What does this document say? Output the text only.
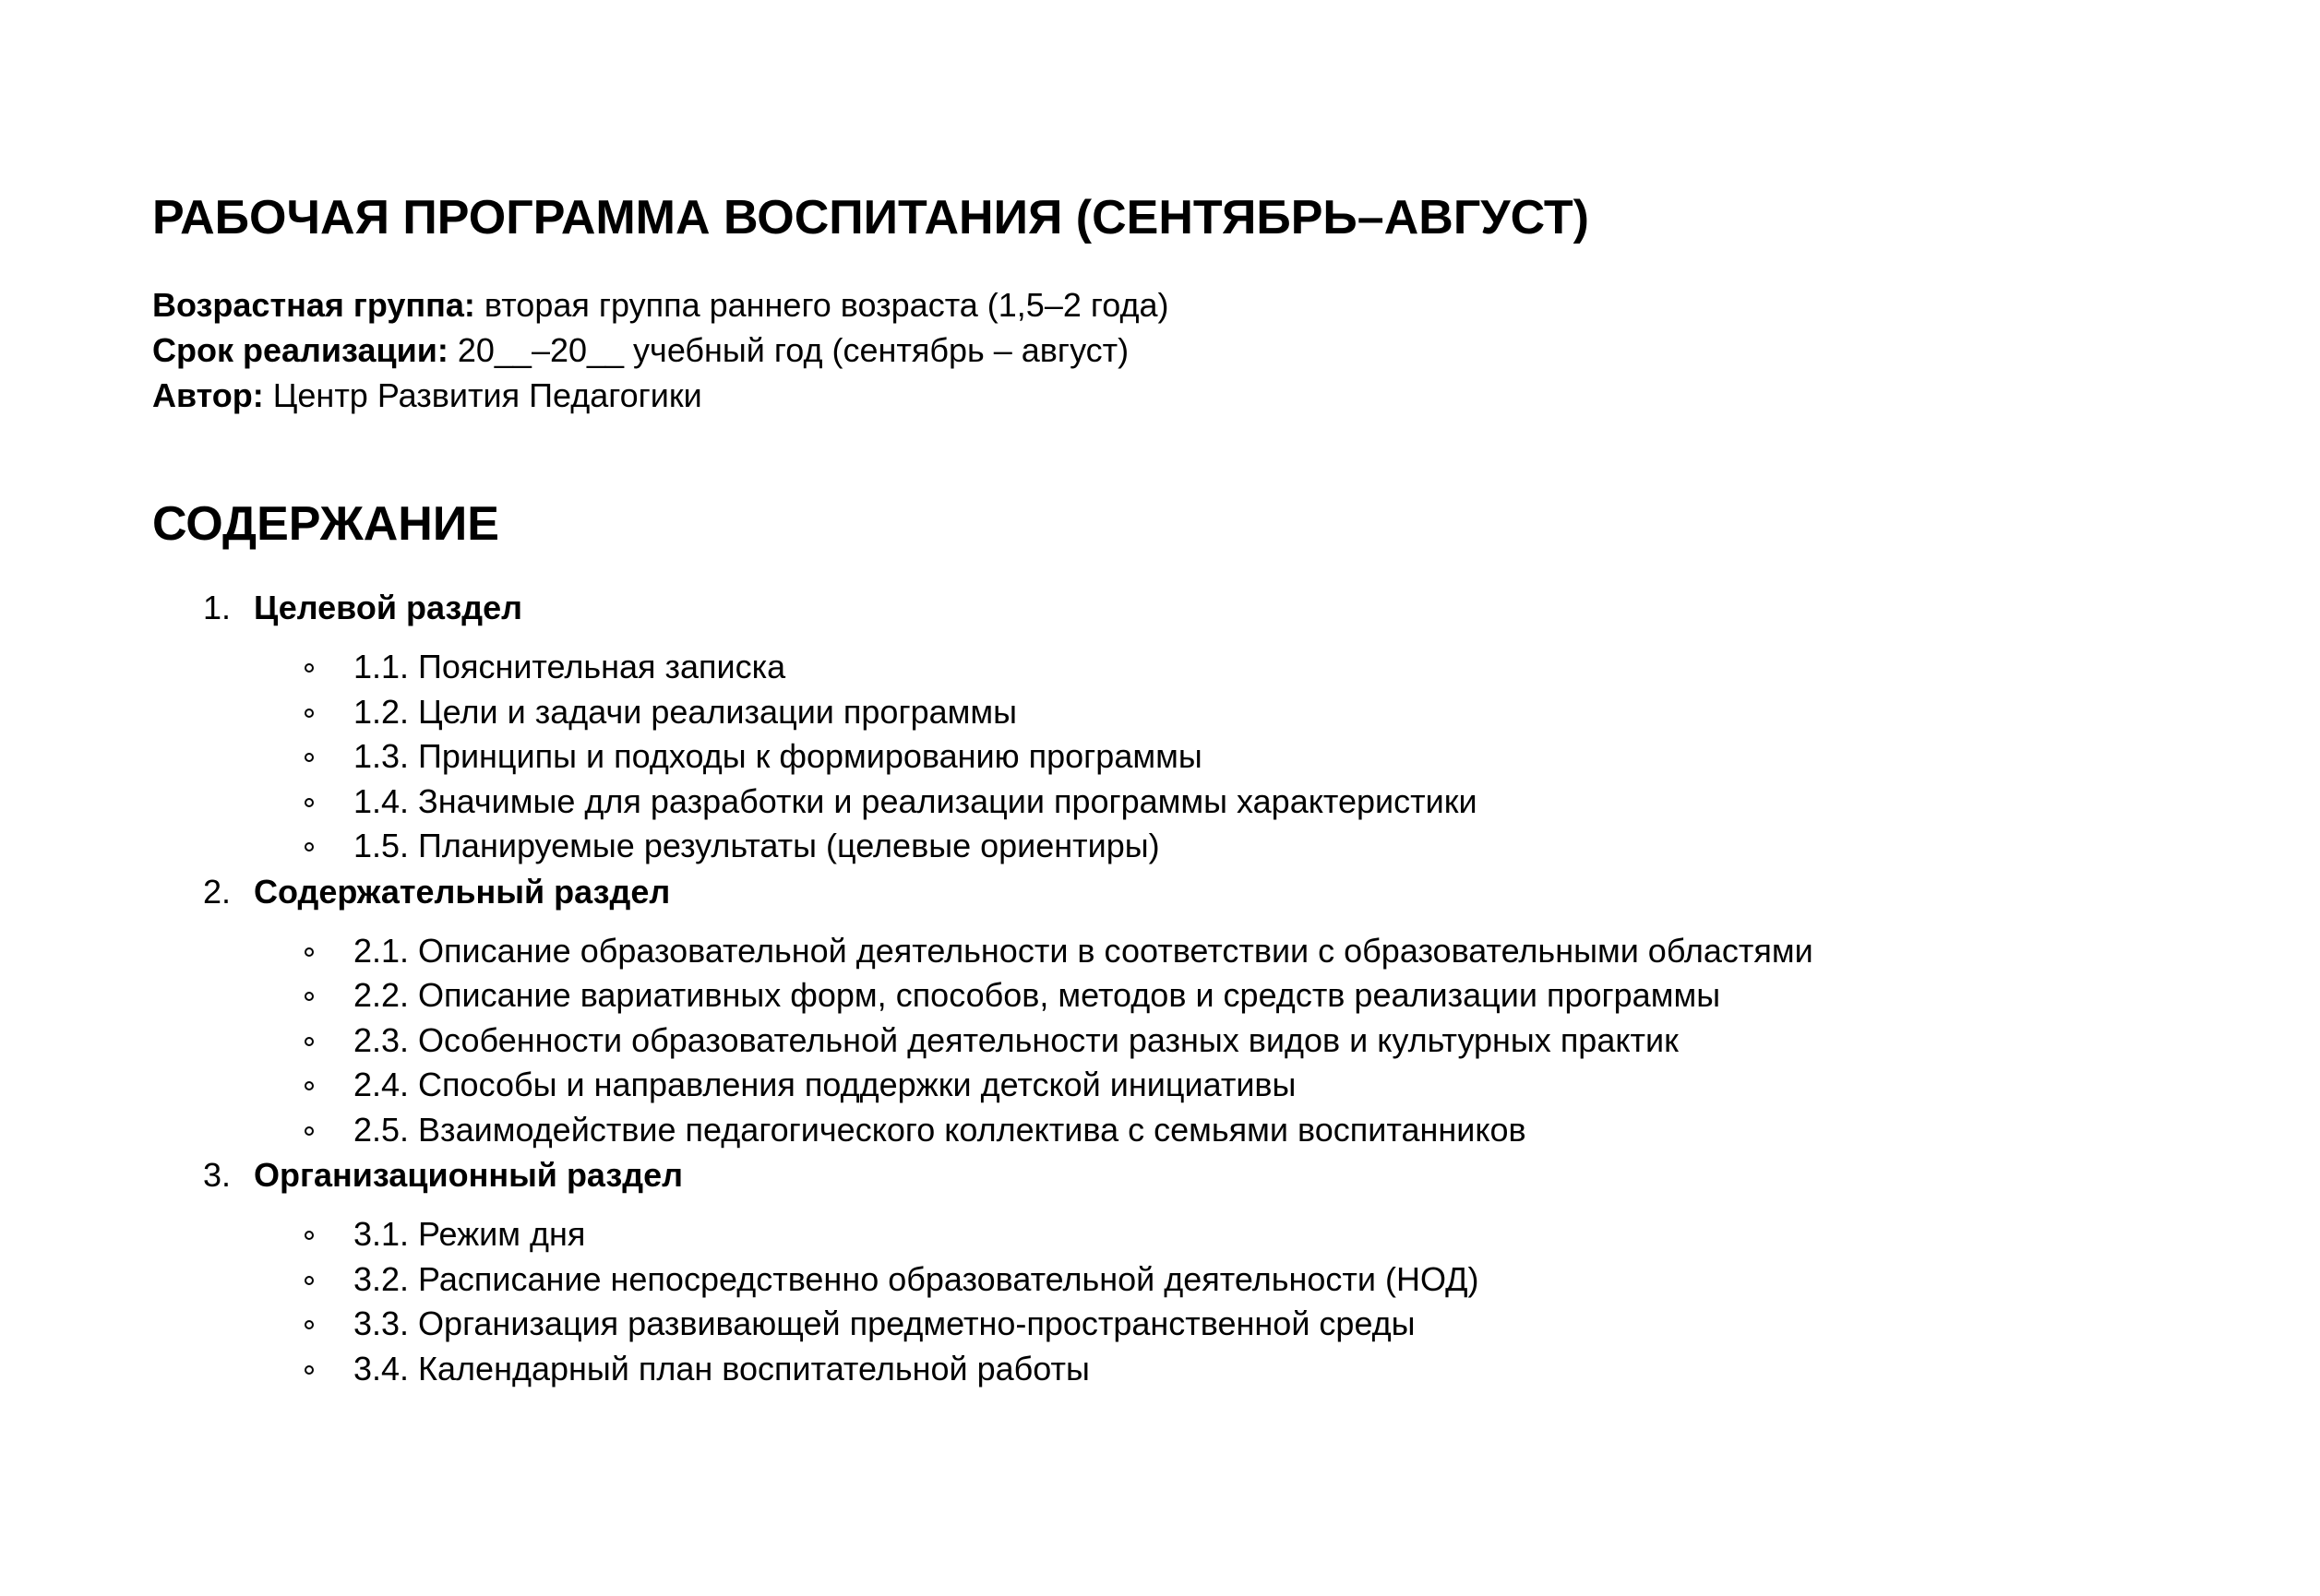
РАБОЧАЯ ПРОГРАММА ВОСПИТАНИЯ (СЕНТЯБРЬ–АВГУСТ)
Возрастная группа: вторая группа раннего возраста (1,5–2 года)
Срок реализации: 20__–20__ учебный год (сентябрь – август)
Автор: Центр Развития Педагогики
СОДЕРЖАНИЕ
1. Целевой раздел
1.1. Пояснительная записка
1.2. Цели и задачи реализации программы
1.3. Принципы и подходы к формированию программы
1.4. Значимые для разработки и реализации программы характеристики
1.5. Планируемые результаты (целевые ориентиры)
2. Содержательный раздел
2.1. Описание образовательной деятельности в соответствии с образовательными областями
2.2. Описание вариативных форм, способов, методов и средств реализации программы
2.3. Особенности образовательной деятельности разных видов и культурных практик
2.4. Способы и направления поддержки детской инициативы
2.5. Взаимодействие педагогического коллектива с семьями воспитанников
3. Организационный раздел
3.1. Режим дня
3.2. Расписание непосредственно образовательной деятельности (НОД)
3.3. Организация развивающей предметно-пространственной среды
3.4. Календарный план воспитательной работы
